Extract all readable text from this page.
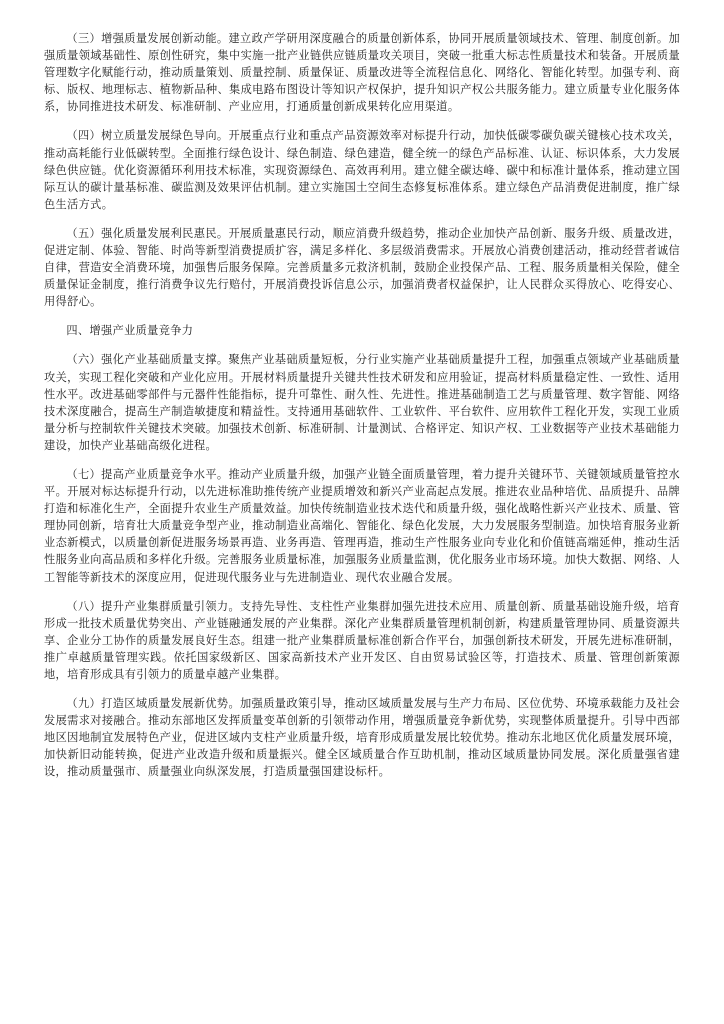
（三）增强质量发展创新动能。建立政产学研用深度融合的质量创新体系，协同开展质量领域技术、管理、制度创新。加强质量领域基础性、原创性研究，集中实施一批产业链供应链质量攻关项目，突破一批重大标志性质量技术和装备。开展质量管理数字化赋能行动，推动质量策划、质量控制、质量保证、质量改进等全流程信息化、网络化、智能化转型。加强专利、商标、版权、地理标志、植物新品种、集成电路布图设计等知识产权保护，提升知识产权公共服务能力。建立质量专业化服务体系，协同推进技术研发、标准研制、产业应用，打通质量创新成果转化应用渠道。

（四）树立质量发展绿色导向。开展重点行业和重点产品资源效率对标提升行动，加快低碳零碳负碳关键核心技术攻关，推动高耗能行业低碳转型。全面推行绿色设计、绿色制造、绿色建造，健全统一的绿色产品标准、认证、标识体系，大力发展绿色供应链。优化资源循环利用技术标准，实现资源绿色、高效再利用。建立健全碳达峰、碳中和标准计量体系，推动建立国际互认的碳计量基标准、碳监测及效果评估机制。建立实施国土空间生态修复标准体系。建立绿色产品消费促进制度，推广绿色生活方式。

（五）强化质量发展利民惠民。开展质量惠民行动，顺应消费升级趋势，推动企业加快产品创新、服务升级、质量改进，促进定制、体验、智能、时尚等新型消费提质扩容，满足多样化、多层级消费需求。开展放心消费创建活动，推动经营者诚信自律，营造安全消费环境，加强售后服务保障。完善质量多元救济机制，鼓励企业投保产品、工程、服务质量相关保险，健全质量保证金制度，推行消费争议先行赔付，开展消费投诉信息公示，加强消费者权益保护，让人民群众买得放心、吃得安心、用得舒心。

四、增强产业质量竞争力

（六）强化产业基础质量支撑。聚焦产业基础质量短板，分行业实施产业基础质量提升工程，加强重点领域产业基础质量攻关，实现工程化突破和产业化应用。开展材料质量提升关键共性技术研发和应用验证，提高材料质量稳定性、一致性、适用性水平。改进基础零部件与元器件性能指标，提升可靠性、耐久性、先进性。推进基础制造工艺与质量管理、数字智能、网络技术深度融合，提高生产制造敏捷度和精益性。支持通用基础软件、工业软件、平台软件、应用软件工程化开发，实现工业质量分析与控制软件关键技术突破。加强技术创新、标准研制、计量测试、合格评定、知识产权、工业数据等产业技术基础能力建设，加快产业基础高级化进程。

（七）提高产业质量竞争水平。推动产业质量升级，加强产业链全面质量管理，着力提升关键环节、关键领域质量管控水平。开展对标达标提升行动，以先进标准助推传统产业提质增效和新兴产业高起点发展。推进农业品种培优、品质提升、品牌打造和标准化生产，全面提升农业生产质量效益。加快传统制造业技术迭代和质量升级，强化战略性新兴产业技术、质量、管理协同创新，培育壮大质量竞争型产业，推动制造业高端化、智能化、绿色化发展，大力发展服务型制造。加快培育服务业新业态新模式，以质量创新促进服务场景再造、业务再造、管理再造，推动生产性服务业向专业化和价值链高端延伸，推动生活性服务业向高品质和多样化升级。完善服务业质量标准，加强服务业质量监测，优化服务业市场环境。加快大数据、网络、人工智能等新技术的深度应用，促进现代服务业与先进制造业、现代农业融合发展。

（八）提升产业集群质量引领力。支持先导性、支柱性产业集群加强先进技术应用、质量创新、质量基础设施升级，培育形成一批技术质量优势突出、产业链融通发展的产业集群。深化产业集群质量管理机制创新，构建质量管理协同、质量资源共享、企业分工协作的质量发展良好生态。组建一批产业集群质量标准创新合作平台，加强创新技术研发，开展先进标准研制，推广卓越质量管理实践。依托国家级新区、国家高新技术产业开发区、自由贸易试验区等，打造技术、质量、管理创新策源地，培育形成具有引领力的质量卓越产业集群。

（九）打造区域质量发展新优势。加强质量政策引导，推动区域质量发展与生产力布局、区位优势、环境承载能力及社会发展需求对接融合。推动东部地区发挥质量变革创新的引领带动作用，增强质量竞争新优势，实现整体质量提升。引导中西部地区因地制宜发展特色产业，促进区域内支柱产业质量升级，培育形成质量发展比较优势。推动东北地区优化质量发展环境，加快新旧动能转换，促进产业改造升级和质量振兴。健全区域质量合作互助机制，推动区域质量协同发展。深化质量强省建设，推动质量强市、质量强业向纵深发展，打造质量强国建设标杆。
